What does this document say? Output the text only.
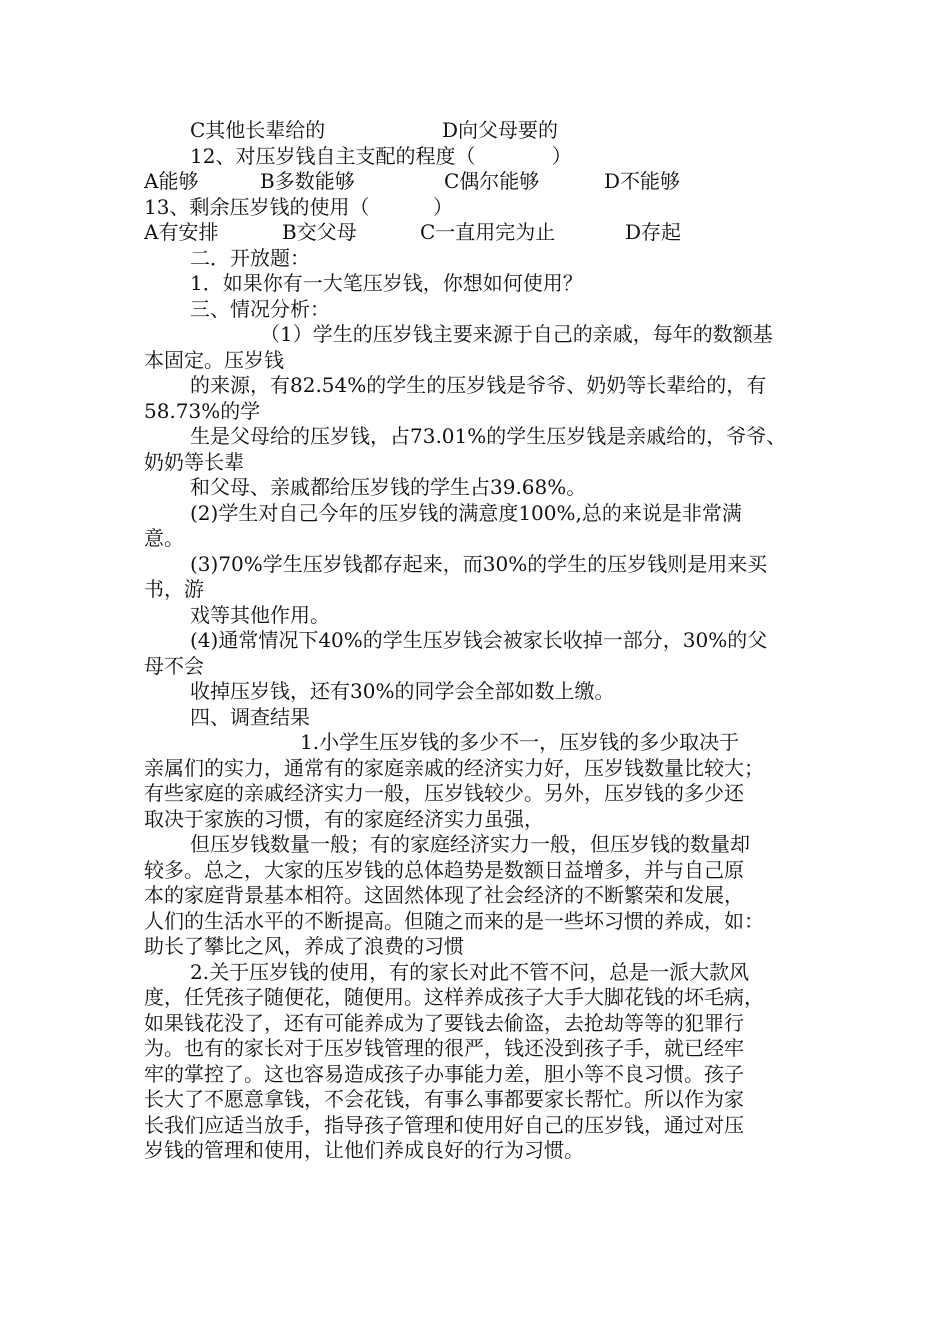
C其他长辈给的	D向父母要的
12、对压岁钱自主支配的程度（            ）
A能够	B多数能够	C偶尔能够	D不能够
13、剩余压岁钱的使用（          ）
A有安排	B交父母	C一直用完为止	D存起
二．开放题：
1．如果你有一大笔压岁钱，你想如何使用？
三、情况分析：
（1）学生的压岁钱主要来源于自己的亲戚，每年的数额基
本固定。压岁钱
的来源，有82.54%的学生的压岁钱是爷爷、奶奶等长辈给的，有
58.73%的学
生是父母给的压岁钱，占73.01%的学生压岁钱是亲戚给的，爷爷、
奶奶等长辈
和父母、亲戚都给压岁钱的学生占39.68%。
(2)学生对自己今年的压岁钱的满意度100%,总的来说是非常满
意。
(3)70%学生压岁钱都存起来，而30%的学生的压岁钱则是用来买
书，游
戏等其他作用。
(4)通常情况下40%的学生压岁钱会被家长收掉一部分，30%的父
母不会
收掉压岁钱，还有30%的同学会全部如数上缴。
四、调查结果
1.小学生压岁钱的多少不一，压岁钱的多少取决于
亲属们的实力，通常有的家庭亲戚的经济实力好，压岁钱数量比较大；
有些家庭的亲戚经济实力一般，压岁钱较少。另外，压岁钱的多少还
取决于家族的习惯，有的家庭经济实力虽强，
但压岁钱数量一般；有的家庭经济实力一般，但压岁钱的数量却
较多。总之，大家的压岁钱的总体趋势是数额日益增多，并与自己原
本的家庭背景基本相符。这固然体现了社会经济的不断繁荣和发展，
人们的生活水平的不断提高。但随之而来的是一些坏习惯的养成，如：
助长了攀比之风，养成了浪费的习惯
2.关于压岁钱的使用，有的家长对此不管不问，总是一派大款风
度，任凭孩子随便花，随便用。这样养成孩子大手大脚花钱的坏毛病，
如果钱花没了，还有可能养成为了要钱去偷盗，去抢劫等等的犯罪行
为。也有的家长对于压岁钱管理的很严，钱还没到孩子手，就已经牢
牢的掌控了。这也容易造成孩子办事能力差，胆小等不良习惯。孩子
长大了不愿意拿钱，不会花钱，有事么事都要家长帮忙。所以作为家
长我们应适当放手，指导孩子管理和使用好自己的压岁钱，通过对压
岁钱的管理和使用，让他们养成良好的行为习惯。
